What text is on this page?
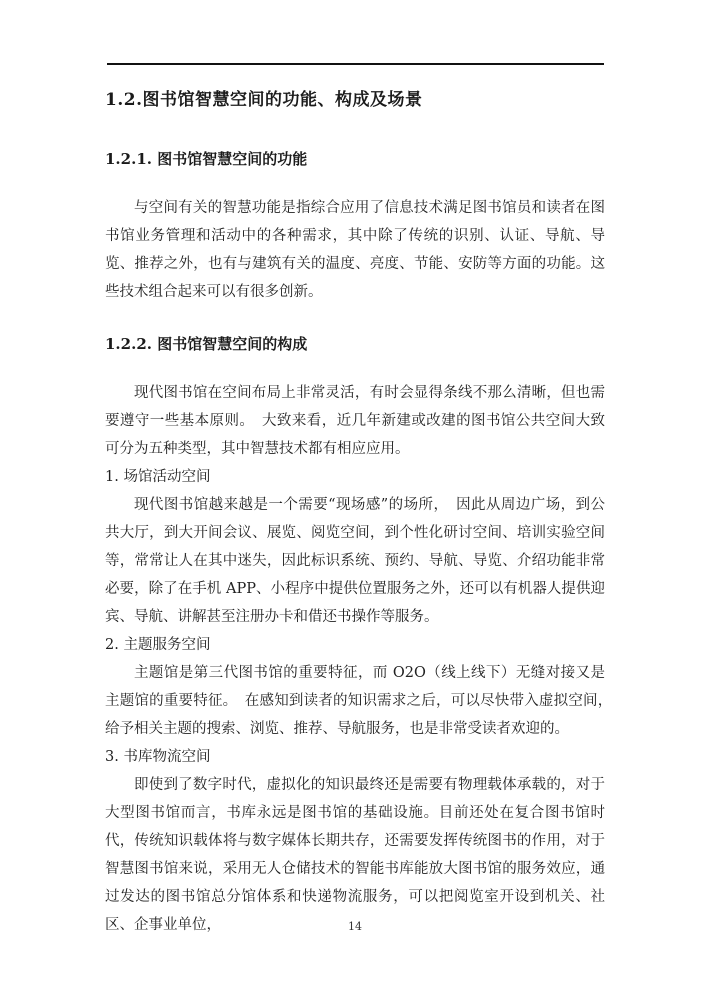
1.2.图书馆智慧空间的功能、构成及场景
1.2.1. 图书馆智慧空间的功能

与空间有关的智慧功能是指综合应用了信息技术满足图书馆员和读者在图书馆业务管理和活动中的各种需求，其中除了传统的识别、认证、导航、导览、推荐之外，也有与建筑有关的温度、亮度、节能、安防等方面的功能。这些技术组合起来可以有很多创新。

1.2.2. 图书馆智慧空间的构成

现代图书馆在空间布局上非常灵活，有时会显得条线不那么清晰，但也需要遵守一些基本原则。　大致来看，近几年新建或改建的图书馆公共空间大致可分为五种类型，其中智慧技术都有相应应用。

1. 场馆活动空间

现代图书馆越来越是一个需要“现场感”的场所，　因此从周边广场，到公共大厅，到大开间会议、展览、阅览空间，到个性化研讨空间、培训实验空间等，常常让人在其中迷失，因此标识系统、预约、导航、导览、介绍功能非常必要，除了在手机 APP、小程序中提供位置服务之外，还可以有机器人提供迎宾、导航、讲解甚至注册办卡和借还书操作等服务。

2. 主题服务空间

主题馆是第三代图书馆的重要特征，而 O2O（线上线下）无缝对接又是主题馆的重要特征。　在感知到读者的知识需求之后，可以尽快带入虚拟空间，　给予相关主题的搜索、浏览、推荐、导航服务，也是非常受读者欢迎的。

3. 书库物流空间

即使到了数字时代，虚拟化的知识最终还是需要有物理载体承载的，对于大型图书馆而言，书库永远是图书馆的基础设施。目前还处在复合图书馆时代，传统知识载体将与数字媒体长期共存，还需要发挥传统图书的作用，对于智慧图书馆来说，采用无人仓储技术的智能书库能放大图书馆的服务效应，通过发达的图书馆总分馆体系和快递物流服务，可以把阅览室开设到机关、社区、企事业单位，	14
